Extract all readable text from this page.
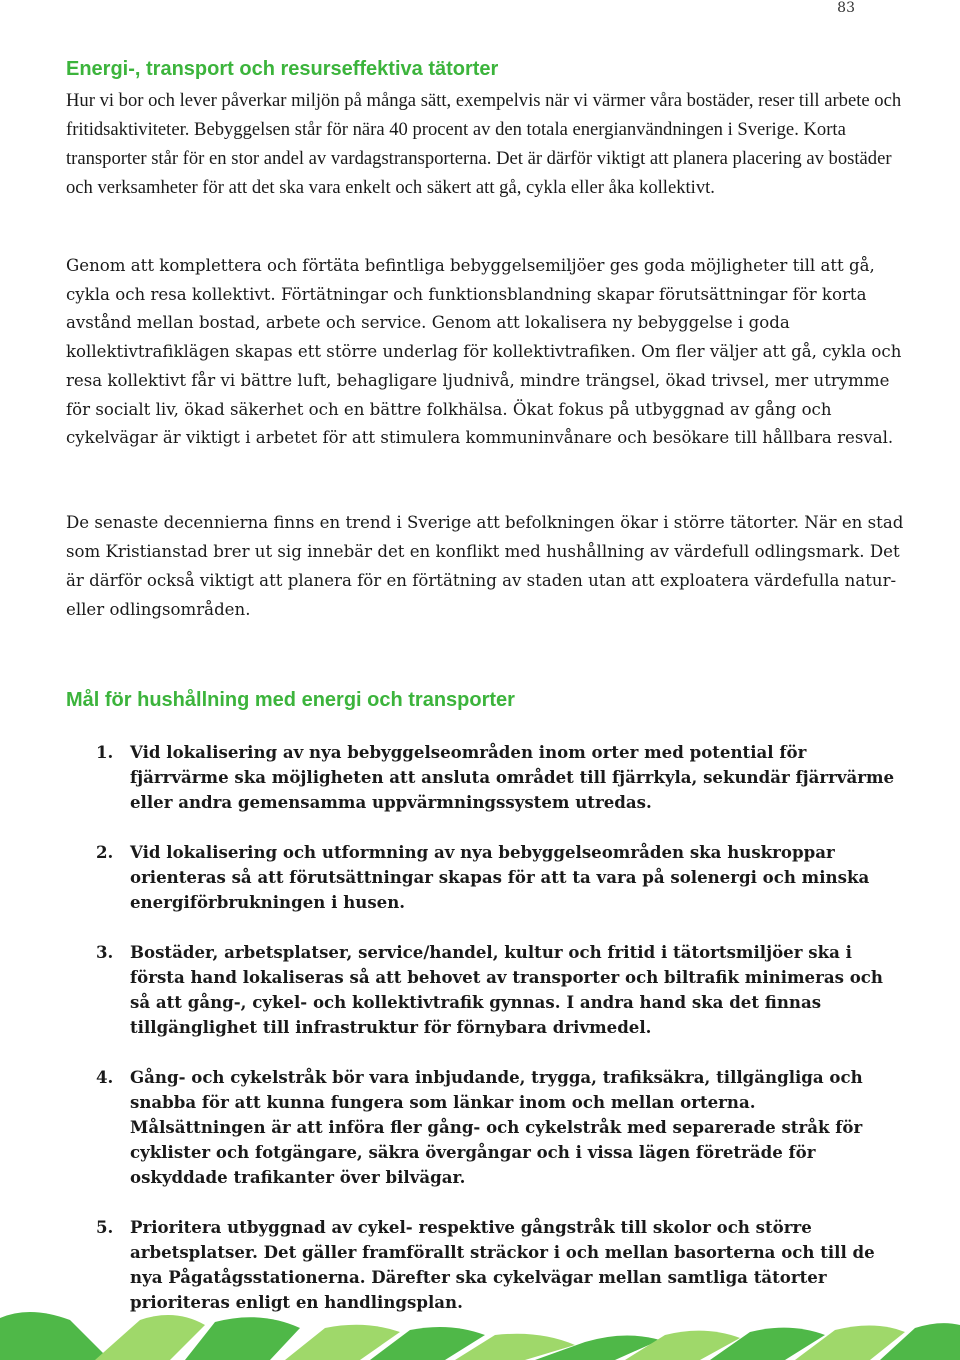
83
Energi-, transport och resurseffektiva tätorter

Hur vi bor och lever påverkar miljön på många sätt, exempelvis när vi värmer våra bostäder, reser till arbete och fritidsaktiviteter. Bebyggelsen står för nära 40 procent av den totala energianvändningen i Sverige. Korta transporter står för en stor andel av vardagstransporterna. Det är därför viktigt att planera placering av bostäder och verksamheter för att det ska vara enkelt och säkert att gå, cykla eller åka kollektivt.

Genom att komplettera och förtäta befintliga bebyggelsemiljöer ges goda möjligheter till att gå, cykla och resa kollektivt. Förtätningar och funktionsblandning skapar förutsättningar för korta avstånd mellan bostad, arbete och service. Genom att lokalisera ny bebyggelse i goda kollektivtrafiklägen skapas ett större underlag för kollektivtrafiken. Om fler väljer att gå, cykla och resa kollektivt får vi bättre luft, behagligare ljudnivå, mindre trängsel, ökad trivsel, mer utrymme för socialt liv, ökad säkerhet och en bättre folkhälsa. Ökat fokus på utbyggnad av gång och cykelvägar är viktigt i arbetet för att stimulera kommuninvånare och besökare till hållbara resval.

De senaste decennierna finns en trend i Sverige att befolkningen ökar i större tätorter. När en stad som Kristianstad brer ut sig innebär det en konflikt med hushållning av värdefull odlingsmark. Det är därför också viktigt att planera för en förtätning av staden utan att exploatera värdefulla natur- eller odlingsområden.

Mål för hushållning med energi och transporter
1.	Vid lokalisering av nya bebyggelseområden inom orter med potential för fjärrvärme ska möjligheten att ansluta området till fjärrkyla, sekundär fjärrvärme eller andra gemensamma uppvärmningssystem utredas.
2.	Vid lokalisering och utformning av nya bebyggelseområden ska huskroppar orienteras så att förutsättningar skapas för att ta vara på solenergi och minska energiförbrukningen i husen.
3.	Bostäder, arbetsplatser, service/handel, kultur och fritid i tätortsmiljöer ska i första hand lokaliseras så att behovet av transporter och biltrafik minimeras och så att gång-, cykel- och kollektivtrafik gynnas. I andra hand ska det finnas tillgänglighet till infrastruktur för förnybara drivmedel.
4.	Gång- och cykelstråk bör vara inbjudande, trygga, trafiksäkra, tillgängliga och snabba för att kunna fungera som länkar inom och mellan orterna. Målsättningen är att införa fler gång- och cykelstråk med separerade stråk för cyklister och fotgängare, säkra övergångar och i vissa lägen företräde för oskyddade trafikanter över bilvägar.
5.	Prioritera utbyggnad av cykel- respektive gångstråk till skolor och större arbetsplatser. Det gäller framförallt sträckor i och mellan basorterna och till de nya Pågatågsstationerna. Därefter ska cykelvägar mellan samtliga tätorter prioriteras enligt en handlingsplan.
